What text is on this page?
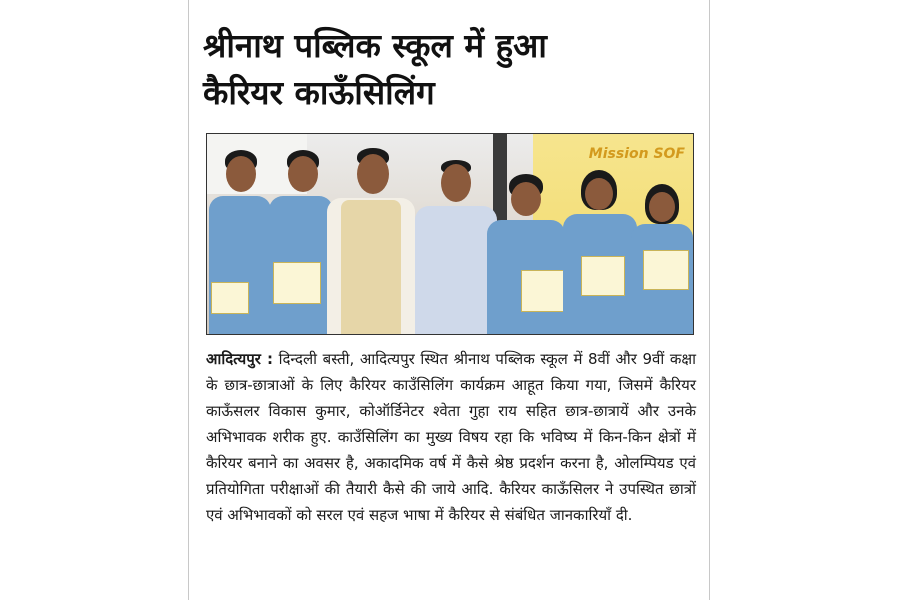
श्रीनाथ पब्लिक स्कूल में हुआ
कैरियर काऊँसिलिंग
Mission SOF

आदित्यपुर : दिन्दली बस्ती, आदित्यपुर स्थित श्रीनाथ पब्लिक स्कूल में 8वीं और 9वीं कक्षा के छात्र-छात्राओं के लिए कैरियर काउँसिलिंग कार्यक्रम आहूत किया गया, जिसमें कैरियर काऊँसलर विकास कुमार, कोऑर्डिनेटर श्वेता गुहा राय सहित छात्र-छात्रायें और उनके अभिभावक शरीक हुए. काउँसिलिंग का मुख्य विषय रहा कि भविष्य में किन-किन क्षेत्रों में कैरियर बनाने का अवसर है, अकादमिक वर्ष में कैसे श्रेष्ठ प्रदर्शन करना है, ओलम्पियड एवं प्रतियोगिता परीक्षाओं की तैयारी कैसे की जाये आदि. कैरियर काऊँसिलर ने उपस्थित छात्रों एवं अभिभावकों को सरल एवं सहज भाषा में कैरियर से संबंधित जानकारियाँ दी.
